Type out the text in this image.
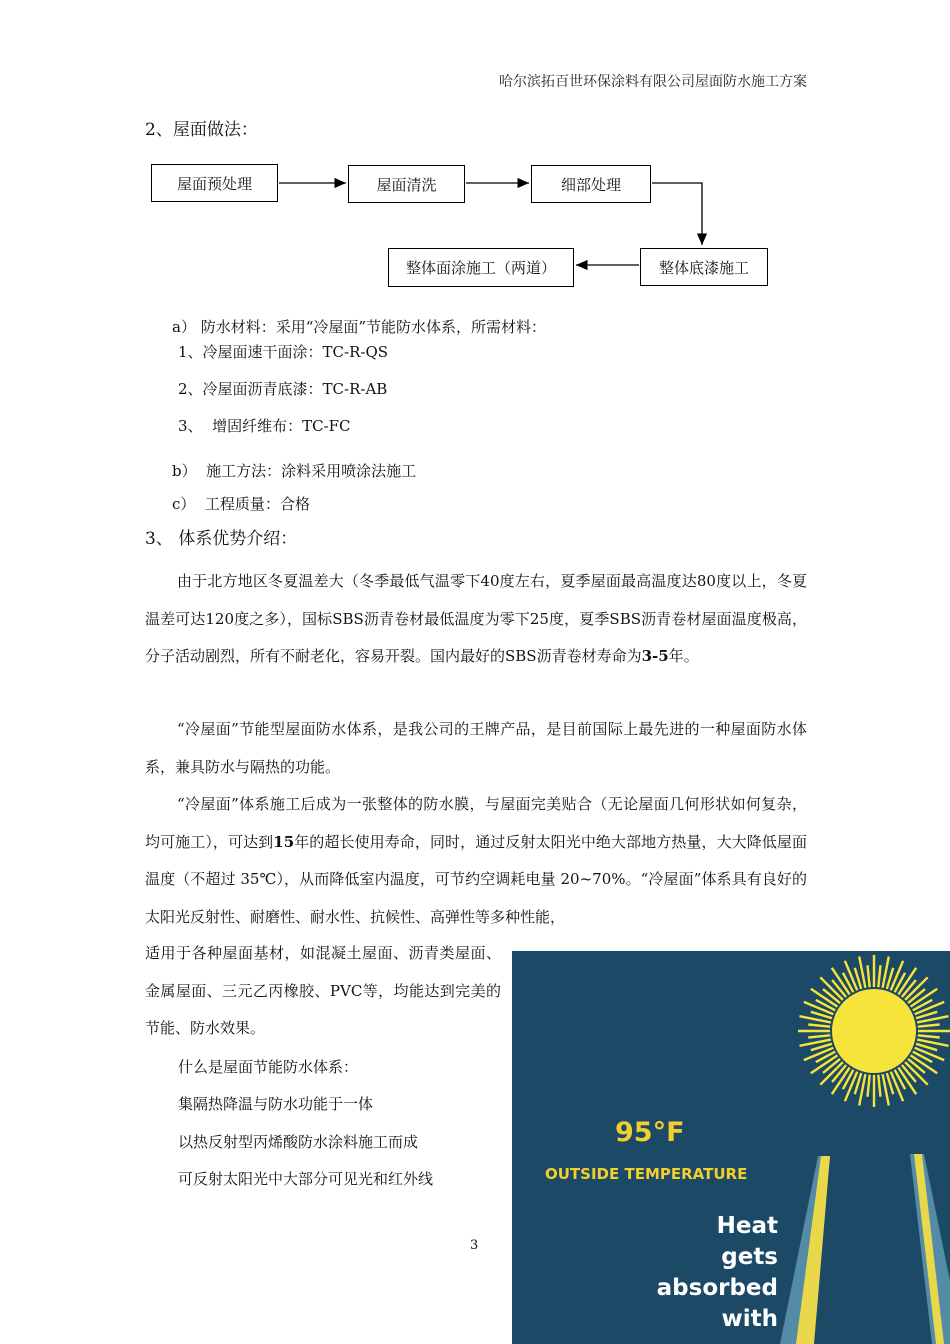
哈尔滨拓百世环保涂料有限公司屋面防水施工方案
2、屋面做法：
屋面预处理	屋面清洗	细部处理
整体底漆施工
整体面涂施工（两道）
a） 防水材料：采用“冷屋面”节能防水体系，所需材料：
1、冷屋面速干面涂：TC-R-QS
2、冷屋面沥青底漆：TC-R-AB
3、  增固纤维布：TC-FC
b）  施工方法：涂料采用喷涂法施工
c）  工程质量：合格
3、 体系优势介绍：

由于北方地区冬夏温差大（冬季最低气温零下40度左右，夏季屋面最高温度达80度以上，冬夏温差可达120度之多），国标SBS沥青卷材最低温度为零下25度，夏季SBS沥青卷材屋面温度极高，分子活动剧烈，所有不耐老化，容易开裂。国内最好的SBS沥青卷材寿命为3-5年。

“冷屋面”节能型屋面防水体系，是我公司的王牌产品，是目前国际上最先进的一种屋面防水体系，兼具防水与隔热的功能。

“冷屋面”体系施工后成为一张整体的防水膜，与屋面完美贴合（无论屋面几何形状如何复杂，均可施工），可达到15年的超长使用寿命，同时，通过反射太阳光中绝大部地方热量，大大降低屋面温度（不超过 35℃），从而降低室内温度，可节约空调耗电量 20~70%。“冷屋面”体系具有良好的太阳光反射性、耐磨性、耐水性、抗候性、高弹性等多种性能，

适用于各种屋面基材，如混凝土屋面、沥青类屋面、金属屋面、三元乙丙橡胶、PVC等，均能达到完美的节能、防水效果。

什么是屋面节能防水体系：
集隔热降温与防水功能于一体
以热反射型丙烯酸防水涂料施工而成
可反射太阳光中大部分可见光和红外线
3
95°F
OUTSIDE TEMPERATURE
Heat
gets
absorbed
with
